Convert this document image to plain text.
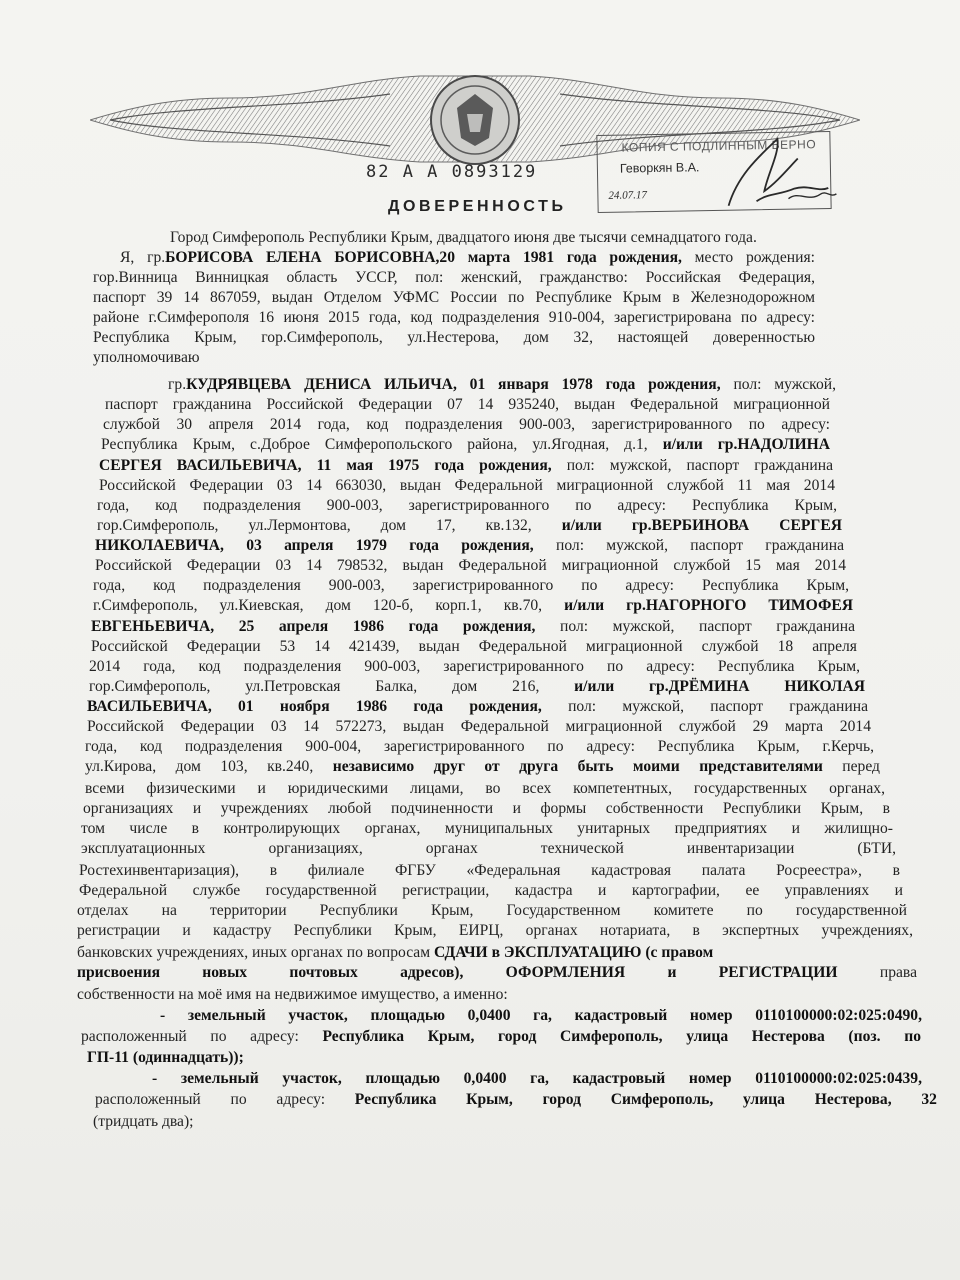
82 А А 0893129
КОПИЯ С ПОДЛИННЫМ ВЕРНО
Геворкян В.А.
24.07.17
ДОВЕРЕННОСТЬ
Город Симферополь Республики Крым, двадцатого июня две тысячи семнадцатого года.
Я, гр.БОРИСОВА ЕЛЕНА БОРИСОВНА,20 марта 1981 года рождения, место рождения:
гор.Винница Винницкая область УССР, пол: женский, гражданство: Российская Федерация,
паспорт 39 14 867059, выдан Отделом УФМС России по Республике Крым в Железнодорожном
районе г.Симферополя 16 июня 2015 года, код подразделения 910-004, зарегистрирована по адресу:
Республика Крым, гор.Симферополь, ул.Нестерова, дом 32, настоящей доверенностью
уполномочиваю
гр.КУДРЯВЦЕВА ДЕНИСА ИЛЬИЧА, 01 января 1978 года рождения, пол: мужской,
паспорт гражданина Российской Федерации 07 14 935240, выдан Федеральной миграционной
службой 30 апреля 2014 года, код подразделения 900-003, зарегистрированного по адресу:
Республика Крым, с.Доброе Симферопольского района, ул.Ягодная, д.1, и/или гр.НАДОЛИНА
СЕРГЕЯ ВАСИЛЬЕВИЧА, 11 мая 1975 года рождения, пол: мужской, паспорт гражданина
Российской Федерации 03 14 663030, выдан Федеральной миграционной службой 11 мая 2014
года, код подразделения 900-003, зарегистрированного по адресу: Республика Крым,
гор.Симферополь, ул.Лермонтова, дом 17, кв.132, и/или гр.ВЕРБИНОВА СЕРГЕЯ
НИКОЛАЕВИЧА, 03 апреля 1979 года рождения, пол: мужской, паспорт гражданина
Российской Федерации 03 14 798532, выдан Федеральной миграционной службой 15 мая 2014
года, код подразделения 900-003, зарегистрированного по адресу: Республика Крым,
г.Симферополь, ул.Киевская, дом 120-б, корп.1, кв.70, и/или гр.НАГОРНОГО ТИМОФЕЯ
ЕВГЕНЬЕВИЧА, 25 апреля 1986 года рождения, пол: мужской, паспорт гражданина
Российской Федерации 53 14 421439, выдан Федеральной миграционной службой 18 апреля
2014 года, код подразделения 900-003, зарегистрированного по адресу: Республика Крым,
гор.Симферополь, ул.Петровская Балка, дом 216, и/или гр.ДРЁМИНА НИКОЛАЯ
ВАСИЛЬЕВИЧА, 01 ноября 1986 года рождения, пол: мужской, паспорт гражданина
Российской Федерации 03 14 572273, выдан Федеральной миграционной службой 29 марта 2014
года, код подразделения 900-004, зарегистрированного по адресу: Республика Крым, г.Керчь,
ул.Кирова, дом 103, кв.240, независимо друг от друга быть моими представителями перед
всеми физическими и юридическими лицами, во всех компетентных, государственных органах,
организациях и учреждениях любой подчиненности и формы собственности Республики Крым, в
том числе в контролирующих органах, муниципальных унитарных предприятиях и жилищно-
эксплуатационных организациях, органах технической инвентаризации (БТИ,
Ростехинвентаризация), в филиале ФГБУ «Федеральная кадастровая палата Росреестра», в
Федеральной службе государственной регистрации, кадастра и картографии, ее управлениях и
отделах на территории Республики Крым, Государственном комитете по государственной
регистрации и кадастру Республики Крым, ЕИРЦ, органах нотариата, в экспертных учреждениях,
банковских учреждениях, иных органах по вопросам СДАЧИ в ЭКСПЛУАТАЦИЮ (с правом
присвоения новых почтовых адресов), ОФОРМЛЕНИЯ и РЕГИСТРАЦИИ права
собственности на моё имя на недвижимое имущество, а именно:
- земельный участок, площадью 0,0400 га, кадастровый номер 0110100000:02:025:0490,
расположенный по адресу: Республика Крым, город Симферополь, улица Нестерова (поз. по
ГП-11 (одиннадцать));
- земельный участок, площадью 0,0400 га, кадастровый номер 0110100000:02:025:0439,
расположенный по адресу: Республика Крым, город Симферополь, улица Нестерова, 32
(тридцать два);
